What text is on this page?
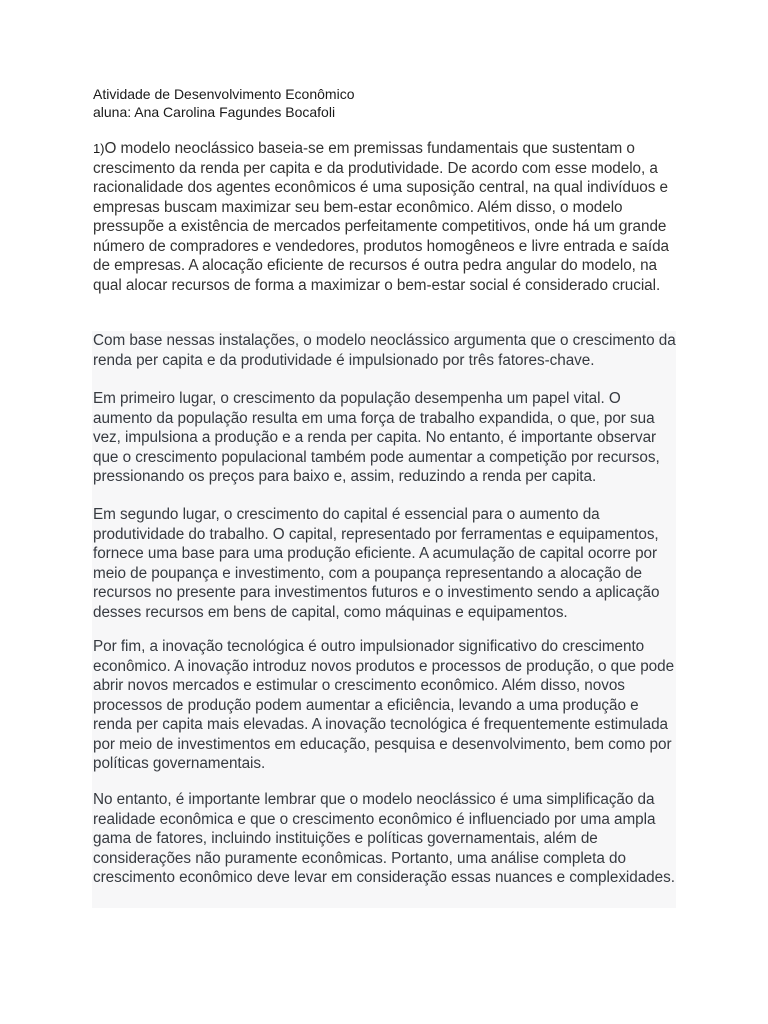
Atividade de Desenvolvimento Econômico
aluna: Ana Carolina Fagundes Bocafoli

1)O modelo neoclássico baseia-se em premissas fundamentais que sustentam o crescimento da renda per capita e da produtividade. De acordo com esse modelo, a racionalidade dos agentes econômicos é uma suposição central, na qual indivíduos e empresas buscam maximizar seu bem-estar econômico. Além disso, o modelo pressupõe a existência de mercados perfeitamente competitivos, onde há um grande número de compradores e vendedores, produtos homogêneos e livre entrada e saída de empresas. A alocação eficiente de recursos é outra pedra angular do modelo, na qual alocar recursos de forma a maximizar o bem-estar social é considerado crucial.

Com base nessas instalações, o modelo neoclássico argumenta que o crescimento da renda per capita e da produtividade é impulsionado por três fatores-chave.

Em primeiro lugar, o crescimento da população desempenha um papel vital. O aumento da população resulta em uma força de trabalho expandida, o que, por sua vez, impulsiona a produção e a renda per capita. No entanto, é importante observar que o crescimento populacional também pode aumentar a competição por recursos, pressionando os preços para baixo e, assim, reduzindo a renda per capita.

Em segundo lugar, o crescimento do capital é essencial para o aumento da produtividade do trabalho. O capital, representado por ferramentas e equipamentos, fornece uma base para uma produção eficiente. A acumulação de capital ocorre por meio de poupança e investimento, com a poupança representando a alocação de recursos no presente para investimentos futuros e o investimento sendo a aplicação desses recursos em bens de capital, como máquinas e equipamentos.

Por fim, a inovação tecnológica é outro impulsionador significativo do crescimento econômico. A inovação introduz novos produtos e processos de produção, o que pode abrir novos mercados e estimular o crescimento econômico. Além disso, novos processos de produção podem aumentar a eficiência, levando a uma produção e renda per capita mais elevadas. A inovação tecnológica é frequentemente estimulada por meio de investimentos em educação, pesquisa e desenvolvimento, bem como por políticas governamentais.

No entanto, é importante lembrar que o modelo neoclássico é uma simplificação da realidade econômica e que o crescimento econômico é influenciado por uma ampla gama de fatores, incluindo instituições e políticas governamentais, além de considerações não puramente econômicas. Portanto, uma análise completa do crescimento econômico deve levar em consideração essas nuances e complexidades.
